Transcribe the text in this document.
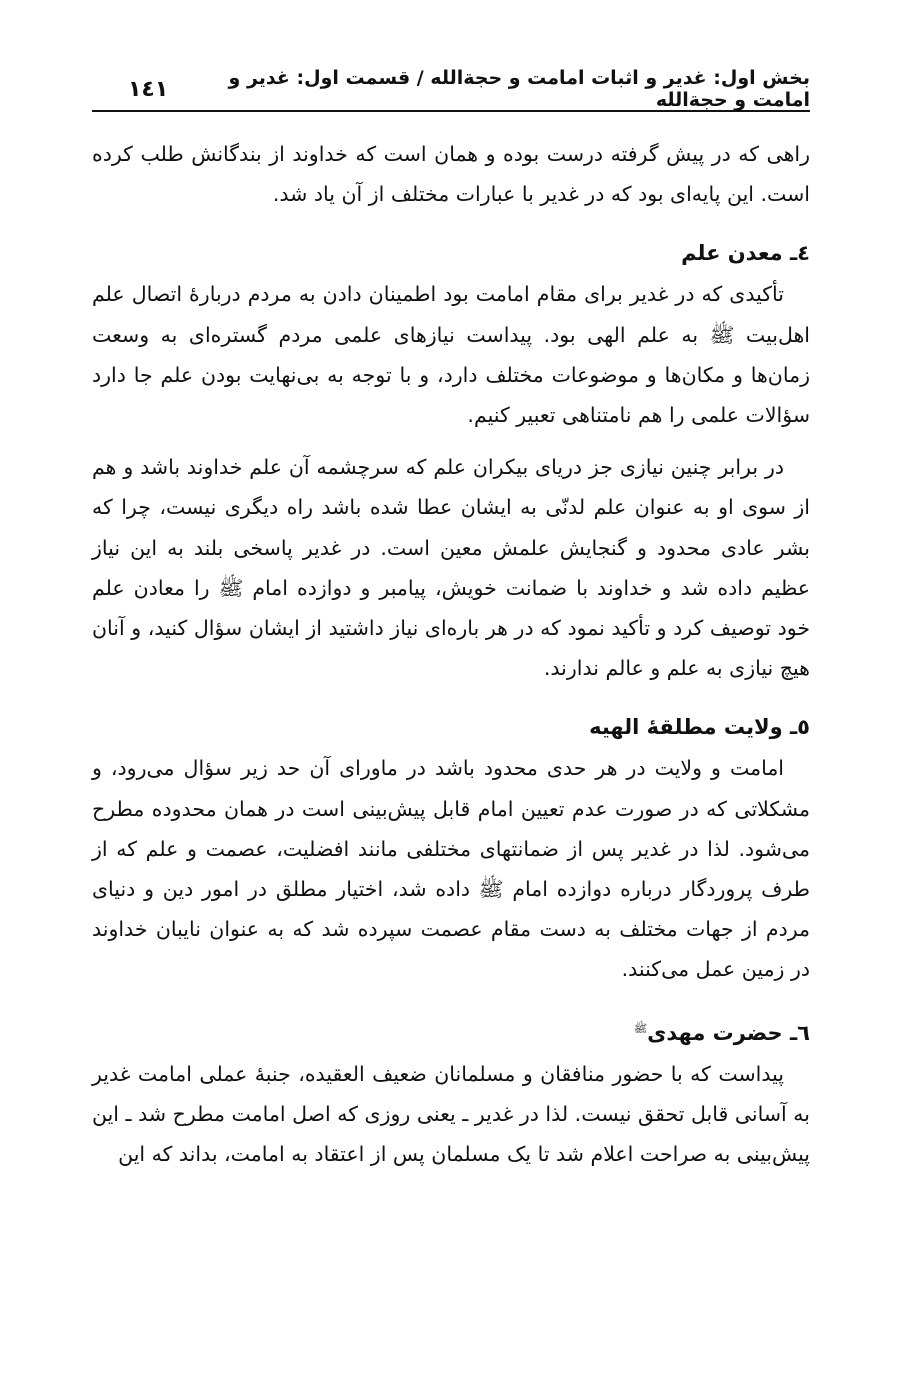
بخش اول: غدیر و اثبات امامت و حجة‌الله / قسمت اول: غدیر و امامت و حجة‌الله
١٤١

راهی که در پیش گرفته درست بوده و همان است که خداوند از بندگانش طلب کرده است. این پایه‌ای بود که در غدیر با عبارات مختلف از آن یاد شد.

٤ـ معدن علم

تأکیدی که در غدیر برای مقام امامت بود اطمینان دادن به مردم دربارهٔ اتصال علم اهل‌بیت ﷺ به علم الهی بود. پیداست نیازهای علمی مردم گستره‌ای به وسعت زمان‌ها و مکان‌ها و موضوعات مختلف دارد، و با توجه به بی‌نهایت بودن علم جا دارد سؤالات علمی را هم نامتناهی تعبیر کنیم.

در برابر چنین نیازی جز دریای بیکران علم که سرچشمه آن علم خداوند باشد و هم از سوی او به عنوان علم لدنّی به ایشان عطا شده باشد راه دیگری نیست، چرا که بشر عادی محدود و گنجایش علمش معین است. در غدیر پاسخی بلند به این نیاز عظیم داده شد و خداوند با ضمانت خویش، پیامبر و دوازده امام ﷺ را معادن علم خود توصیف کرد و تأکید نمود که در هر باره‌ای نیاز داشتید از ایشان سؤال کنید، و آنان هیچ نیازی به علم و عالم ندارند.

٥ـ ولایت مطلقهٔ الهیه

امامت و ولایت در هر حدی محدود باشد در ماورای آن حد زیر سؤال می‌رود، و مشکلاتی که در صورت عدم تعیین امام قابل پیش‌بینی است در همان محدوده مطرح می‌شود. لذا در غدیر پس از ضمانتهای مختلفی مانند افضلیت، عصمت و علم که از طرف پروردگار درباره دوازده امام ﷺ داده شد، اختیار مطلق در امور دین و دنیای مردم از جهات مختلف به دست مقام عصمت سپرده شد که به عنوان نایبان خداوند در زمین عمل می‌کنند.

٦ـ حضرت مهدی$^ﷺ$

پیداست که با حضور منافقان و مسلمانان ضعیف العقیده، جنبهٔ عملی امامت غدیر به آسانی قابل تحقق نیست. لذا در غدیر ـ یعنی روزی که اصل امامت مطرح شد ـ این پیش‌بینی به صراحت اعلام شد تا یک مسلمان پس از اعتقاد به امامت، بداند که این
